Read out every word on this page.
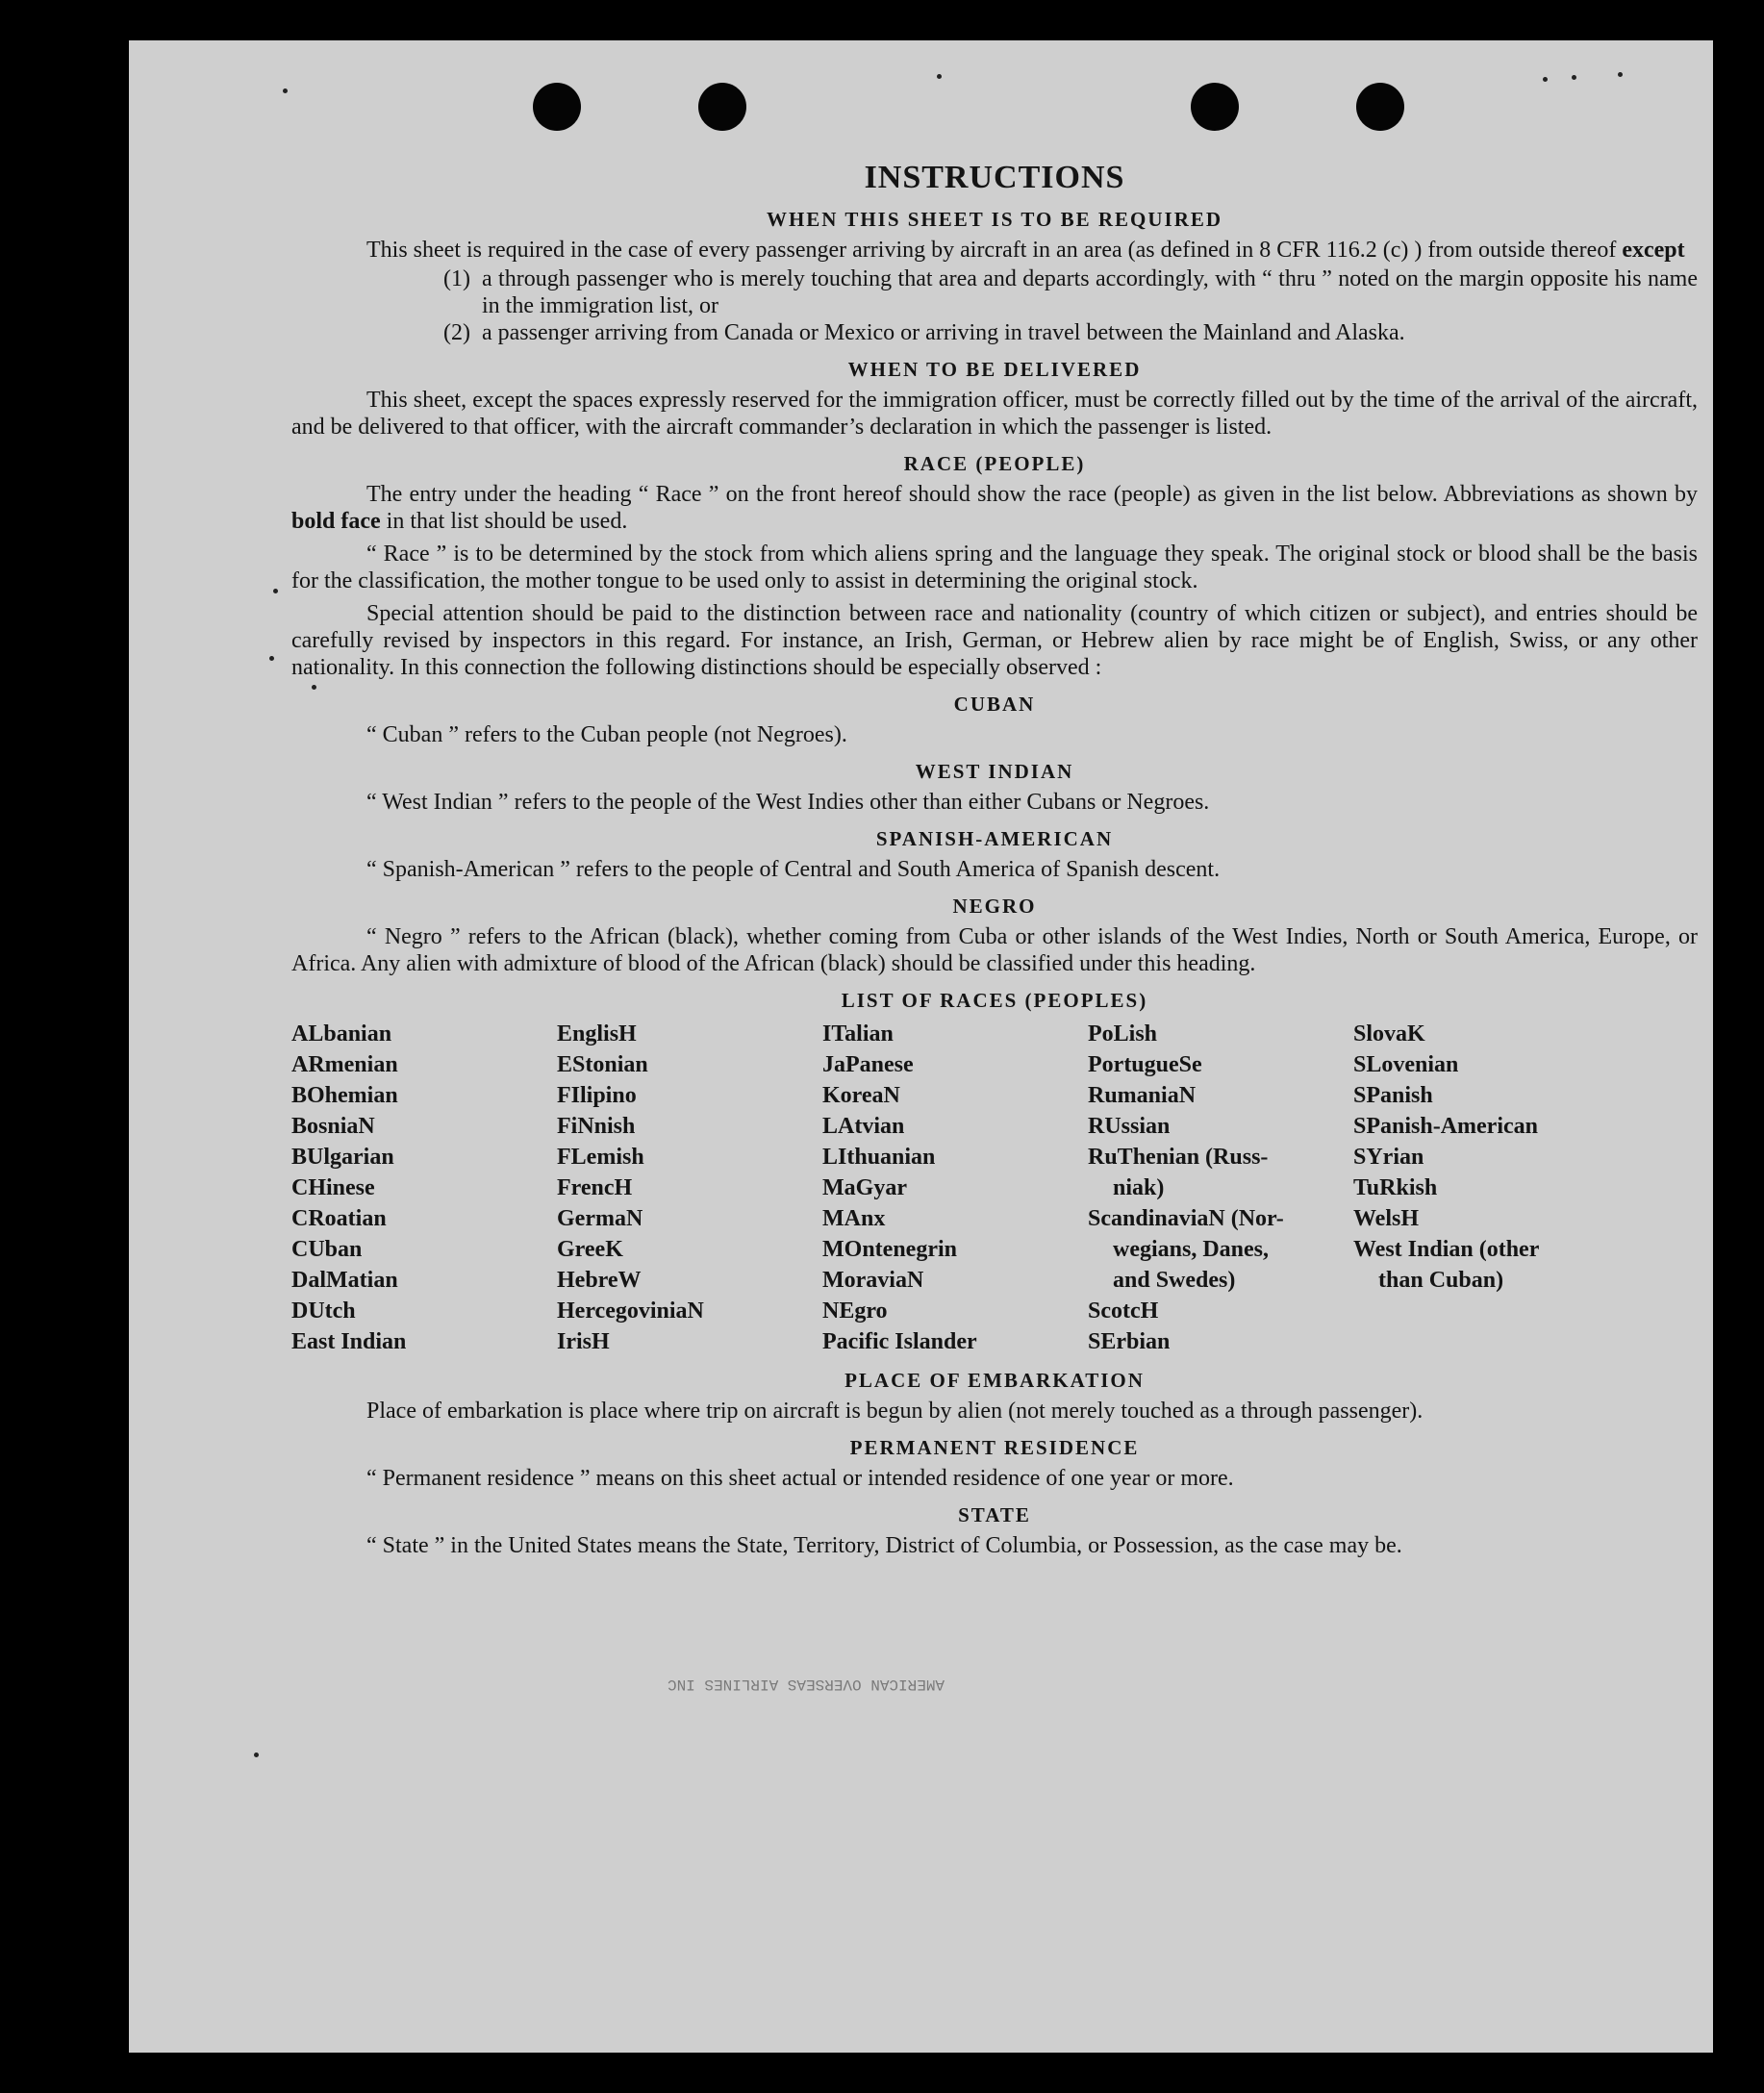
AMERICAN OVERSEAS AIRLINES INC
INSTRUCTIONS
WHEN THIS SHEET IS TO BE REQUIRED
This sheet is required in the case of every passenger arriving by aircraft in an area (as defined in 8 CFR 116.2 (c) ) from outside thereof except
(1) a through passenger who is merely touching that area and departs accordingly, with “ thru ” noted on the margin opposite his name in the immigration list, or
(2) a passenger arriving from Canada or Mexico or arriving in travel between the Mainland and Alaska.
WHEN TO BE DELIVERED
This sheet, except the spaces expressly reserved for the immigration officer, must be correctly filled out by the time of the arrival of the aircraft, and be delivered to that officer, with the aircraft commander’s declaration in which the passenger is listed.
RACE (PEOPLE)
The entry under the heading “ Race ” on the front hereof should show the race (people) as given in the list below. Abbreviations as shown by bold face in that list should be used.
“ Race ” is to be determined by the stock from which aliens spring and the language they speak. The original stock or blood shall be the basis for the classification, the mother tongue to be used only to assist in determining the original stock.
Special attention should be paid to the distinction between race and nationality (country of which citizen or subject), and entries should be carefully revised by inspectors in this regard. For instance, an Irish, German, or Hebrew alien by race might be of English, Swiss, or any other nationality. In this connection the following distinctions should be especially observed :
CUBAN
“ Cuban ” refers to the Cuban people (not Negroes).
WEST INDIAN
“ West Indian ” refers to the people of the West Indies other than either Cubans or Negroes.
SPANISH-AMERICAN
“ Spanish-American ” refers to the people of Central and South America of Spanish descent.
NEGRO
“ Negro ” refers to the African (black), whether coming from Cuba or other islands of the West Indies, North or South America, Europe, or Africa. Any alien with admixture of blood of the African (black) should be classified under this heading.
LIST OF RACES (PEOPLES)
ALbanian
ARmenian
BOhemian
BosniaN
BUlgarian
CHinese
CRoatian
CUban
DalMatian
DUtch
East Indian
EnglisH
EStonian
FIlipino
FiNnish
FLemish
FrencH
GermaN
GreeK
HebreW
HercegoviniaN
IrisH
ITalian
JaPanese
KoreaN
LAtvian
LIthuanian
MaGyar
MAnx
MOntenegrin
MoraviaN
NEgro
Pacific Islander
PoLish
PortugueSe
RumaniaN
RUssian
RuThenian (Russ-
niak)
ScandinaviaN (Nor-
wegians, Danes,
and Swedes)
ScotcH
SErbian
SlovaK
SLovenian
SPanish
SPanish-American
SYrian
TuRkish
WelsH
West Indian (other
than Cuban)
PLACE OF EMBARKATION
Place of embarkation is place where trip on aircraft is begun by alien (not merely touched as a through passenger).
PERMANENT RESIDENCE
“ Permanent residence ” means on this sheet actual or intended residence of one year or more.
STATE
“ State ” in the United States means the State, Territory, District of Columbia, or Possession, as the case may be.
